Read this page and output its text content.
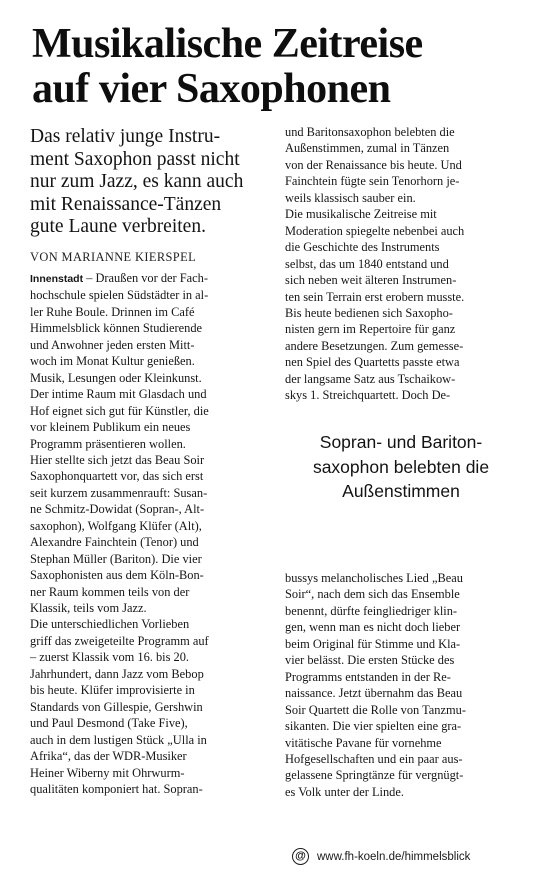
Musikalische Zeitreise
auf vier Saxophonen
Das relativ junge Instru-
ment Saxophon passt nicht
nur zum Jazz, es kann auch
mit Renaissance-Tänzen
gute Laune verbreiten.
VON MARIANNE KIERSPEL
Innenstadt – Draußen vor der Fach-
hochschule spielen Südstädter in al-
ler Ruhe Boule. Drinnen im Café
Himmelsblick können Studierende
und Anwohner jeden ersten Mitt-
woch im Monat Kultur genießen.
Musik, Lesungen oder Kleinkunst.
Der intime Raum mit Glasdach und
Hof eignet sich gut für Künstler, die
vor kleinem Publikum ein neues
Programm präsentieren wollen.
Hier stellte sich jetzt das Beau Soir
Saxophonquartett vor, das sich erst
seit kurzem zusammenrauft: Susan-
ne Schmitz-Dowidat (Sopran-, Alt-
saxophon), Wolfgang Klüfer (Alt),
Alexandre Fainchtein (Tenor) und
Stephan Müller (Bariton). Die vier
Saxophonisten aus dem Köln-Bon-
ner Raum kommen teils von der
Klassik, teils vom Jazz.
Die unterschiedlichen Vorlieben
griff das zweigeteilte Programm auf
– zuerst Klassik vom 16. bis 20.
Jahrhundert, dann Jazz vom Bebop
bis heute. Klüfer improvisierte in
Standards von Gillespie, Gershwin
und Paul Desmond (Take Five),
auch in dem lustigen Stück „Ulla in
Afrika“, das der WDR-Musiker
Heiner Wiberny mit Ohrwurm-
qualitäten komponiert hat. Sopran-
und Baritonsaxophon belebten die
Außenstimmen, zumal in Tänzen
von der Renaissance bis heute. Und
Fainchtein fügte sein Tenorhorn je-
weils klassisch sauber ein.
Die musikalische Zeitreise mit
Moderation spiegelte nebenbei auch
die Geschichte des Instruments
selbst, das um 1840 entstand und
sich neben weit älteren Instrumen-
ten sein Terrain erst erobern musste.
Bis heute bedienen sich Saxopho-
nisten gern im Repertoire für ganz
andere Besetzungen. Zum gemesse-
nen Spiel des Quartetts passte etwa
der langsame Satz aus Tschaikow-
skys 1. Streichquartett. Doch De-
Sopran- und Bariton-
saxophon belebten die
Außenstimmen
bussys melancholisches Lied „Beau
Soir“, nach dem sich das Ensemble
benennt, dürfte feingliedriger klin-
gen, wenn man es nicht doch lieber
beim Original für Stimme und Kla-
vier belässt. Die ersten Stücke des
Programms entstanden in der Re-
naissance. Jetzt übernahm das Beau
Soir Quartett die Rolle von Tanzmu-
sikanten. Die vier spielten eine gra-
vitätische Pavane für vornehme
Hofgesellschaften und ein paar aus-
gelassene Springtänze für vergnügt-
es Volk unter der Linde.
@ www.fh-koeln.de/himmelsblick
